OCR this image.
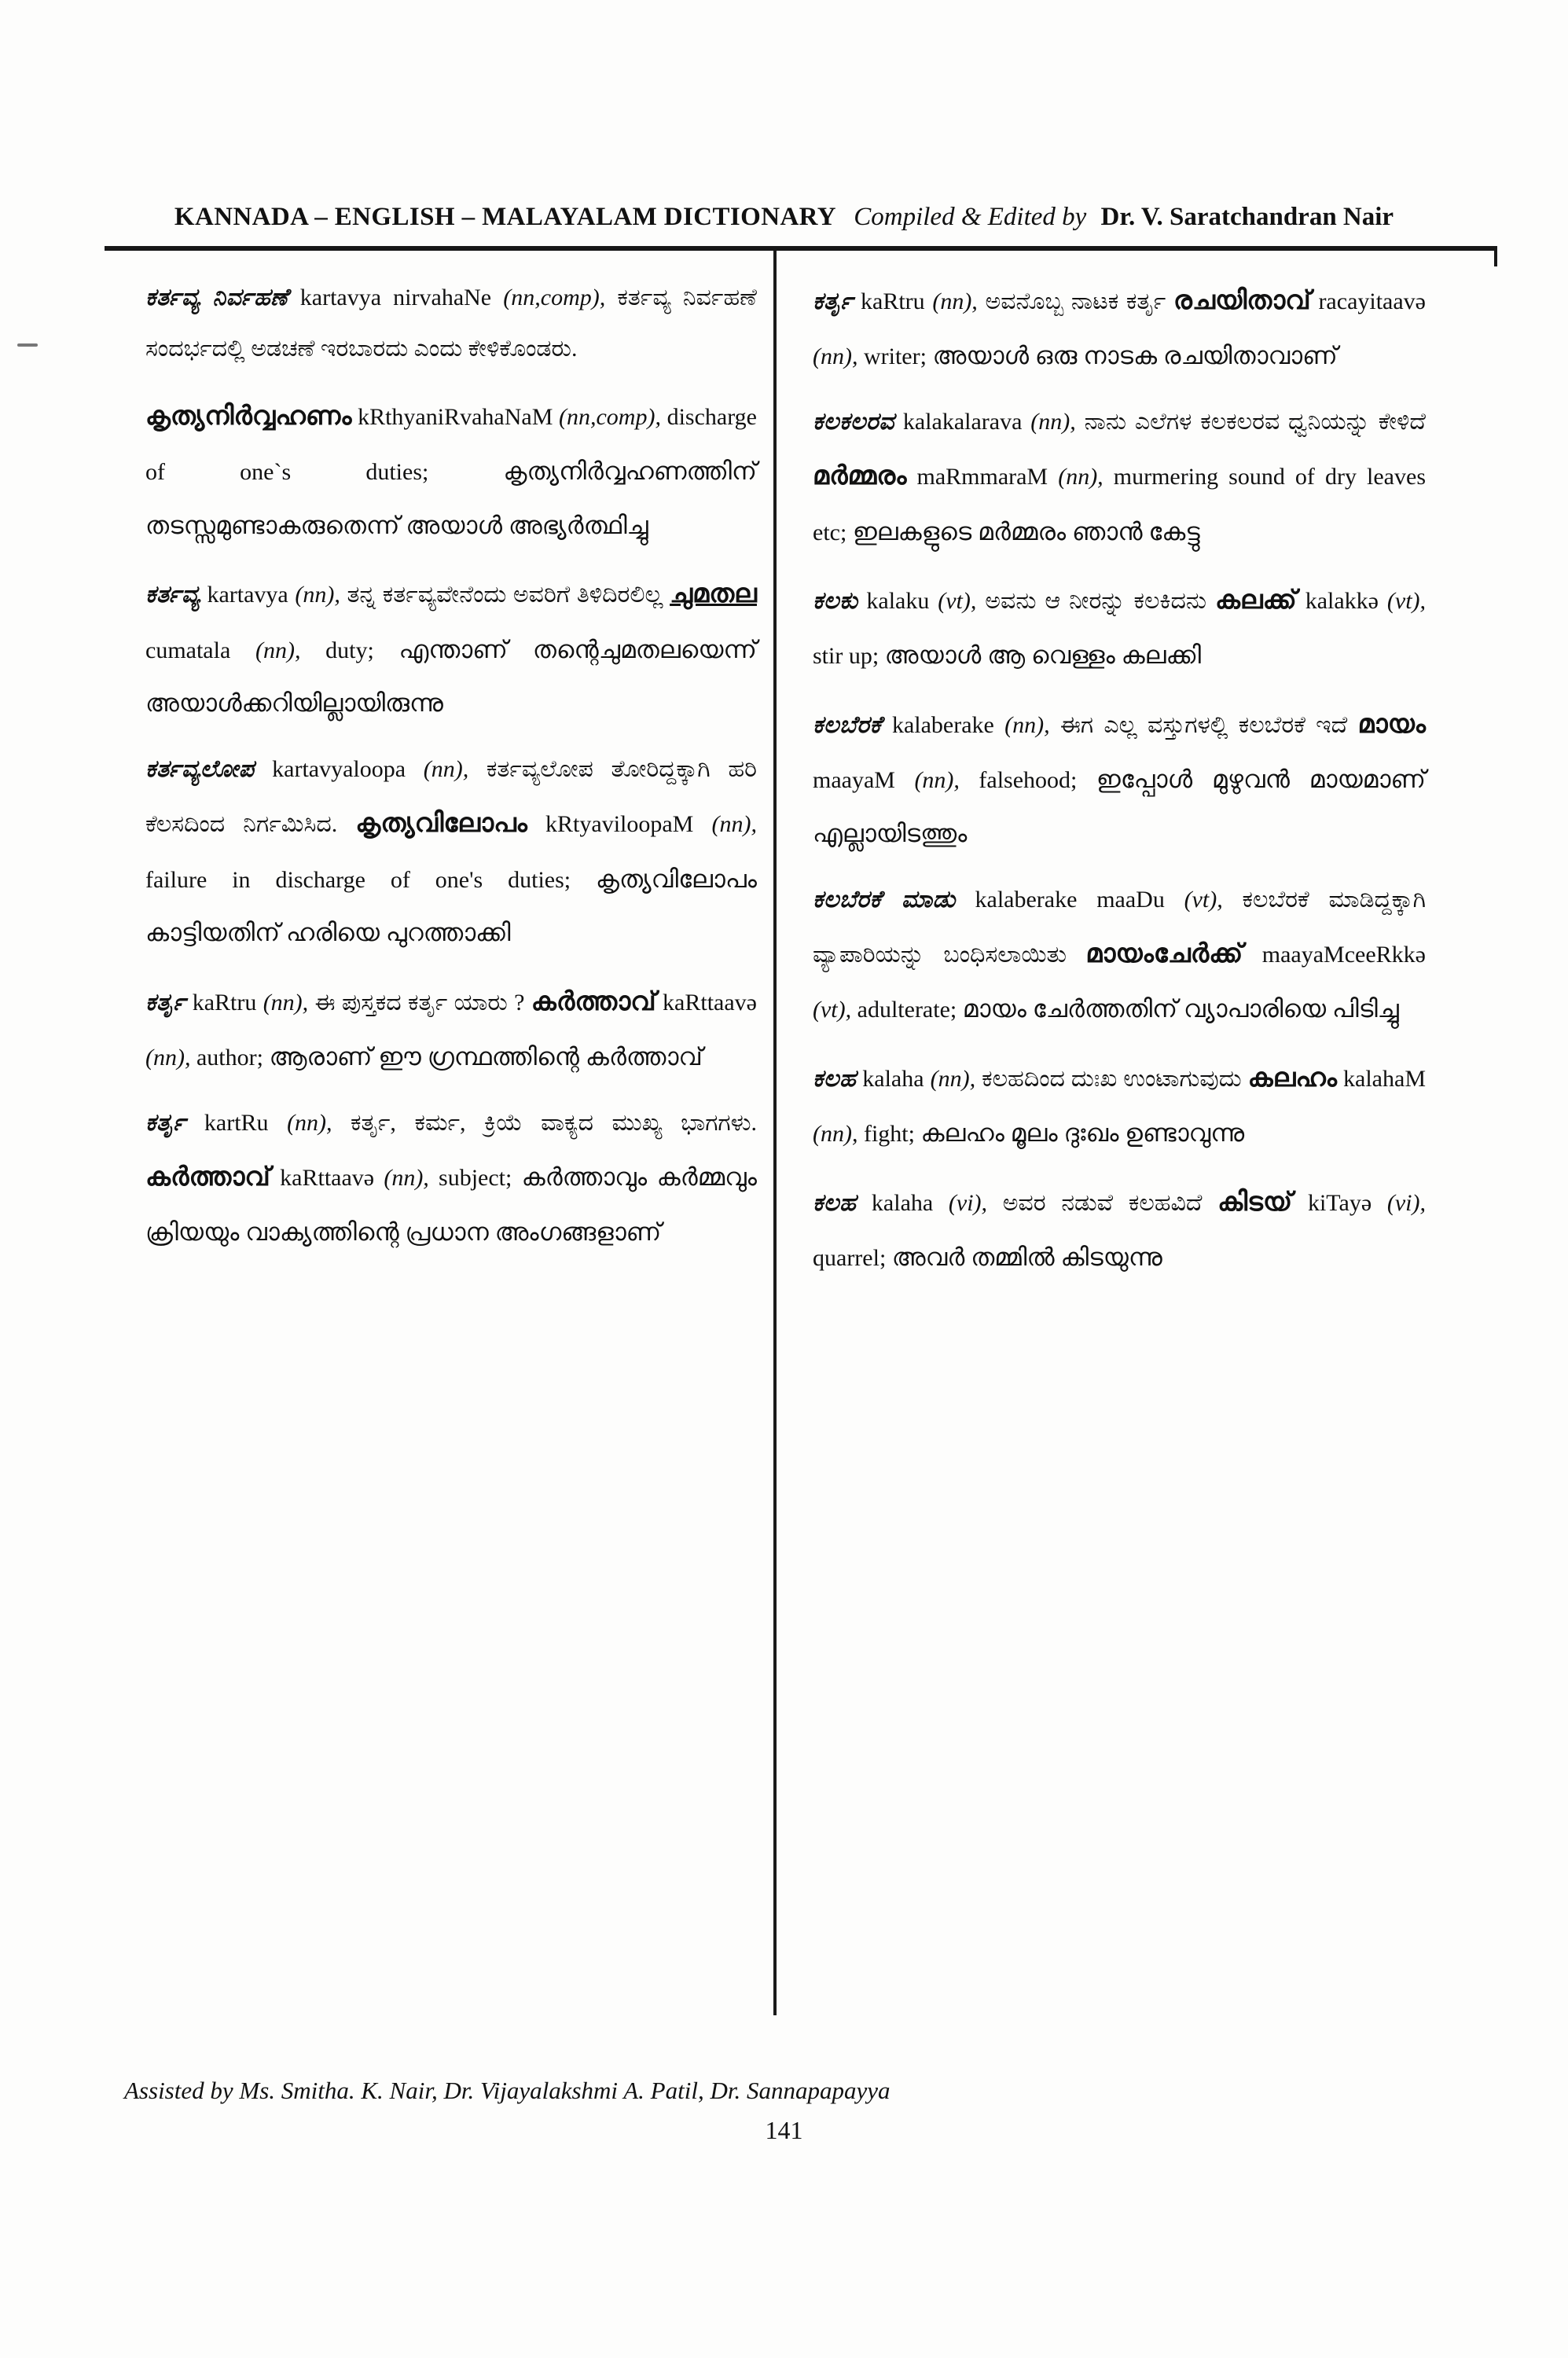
KANNADA – ENGLISH – MALAYALAM DICTIONARY Compiled & Edited by Dr. V. Saratchandran Nair

ಕರ್ತವ್ಯ ನಿರ್ವಹಣೆ kartavya nirvahaNe (nn,comp), ಕರ್ತವ್ಯ ನಿರ್ವಹಣೆ ಸಂದರ್ಭದಲ್ಲಿ ಅಡಚಣೆ ಇರಬಾರದು ಎಂದು ಕೇಳಿಕೊಂಡರು.

കൃത്യനിർവ്വഹണം kRthyaniRvahaNaM (nn,comp), discharge of one`s duties; കൃത്യനിർവ്വഹണത്തിന് തടസ്സമുണ്ടാകരുതെന്ന് അയാൾ അഭ്യർത്ഥിച്ചു

ಕರ್ತವ್ಯ kartavya (nn), ತನ್ನ ಕರ್ತವ್ಯವೇನೆಂದು ಅವರಿಗೆ ತಿಳಿದಿರಲಿಲ್ಲ ചുമതല cumatala (nn), duty; എന്താണ് തന്റെചുമതലയെന്ന് അയാൾക്കറിയില്ലായിരുന്നു

ಕರ್ತವ್ಯಲೋಪ kartavyaloopa (nn), ಕರ್ತವ್ಯಲೋಪ ತೋರಿದ್ದಕ್ಕಾಗಿ ಹರಿ ಕೆಲಸದಿಂದ ನಿರ್ಗಮಿಸಿದ. കൃത്യവിലോപം kRtyaviloopaM (nn), failure in discharge of one's duties; കൃത്യവിലോപം കാട്ടിയതിന് ഹരിയെ പുറത്താക്കി

ಕರ್ತೃ kaRtru (nn), ಈ ಪುಸ್ತಕದ ಕರ್ತೃ ಯಾರು ? കർത്താവ് kaRttaavə (nn), author; ആരാണ് ഈ ഗ്രന്ഥത്തിന്റെ കർത്താവ്

ಕರ್ತೃ kartRu (nn), ಕರ್ತೃ, ಕರ್ಮ, ಕ್ರಿಯೆ ವಾಕ್ಯದ ಮುಖ್ಯ ಭಾಗಗಳು. കർത്താവ് kaRttaavə (nn), subject; കർത്താവും കർമ്മവും ക്രിയയും വാക്യത്തിന്റെ പ്രധാന അംഗങ്ങളാണ്

ಕರ್ತೃ kaRtru (nn), ಅವನೊಬ್ಬ ನಾಟಕ ಕರ್ತೃ രചയിതാവ് racayitaavə (nn), writer; അയാൾ ഒരു നാടക രചയിതാവാണ്

ಕಲಕಲರವ kalakalarava (nn), ನಾನು ಎಲೆಗಳ ಕಲಕಲರವ ಧ್ವನಿಯನ್ನು ಕೇಳಿದೆ മർമ്മരം maRmmaraM (nn), murmering sound of dry leaves etc; ഇലകളുടെ മർമ്മരം ഞാൻ കേട്ടു

ಕಲಕು kalaku (vt), ಅವನು ಆ ನೀರನ್ನು ಕಲಕಿದನು കലക്ക് kalakkə (vt), stir up; അയാൾ ആ വെള്ളം കലക്കി

ಕಲಬೆರಕೆ kalaberake (nn), ಈಗ ಎಲ್ಲ ವಸ್ತುಗಳಲ್ಲಿ ಕಲಬೆರಕೆ ಇದೆ മായം maayaM (nn), falsehood; ഇപ്പോൾ മുഴുവൻ മായമാണ് എല്ലായിടത്തും

ಕಲಬೆರಕೆ ಮಾಡು kalaberake maaDu (vt), ಕಲಬೆರಕೆ ಮಾಡಿದ್ದಕ್ಕಾಗಿ ವ್ಯಾಪಾರಿಯನ್ನು ಬಂಧಿಸಲಾಯಿತು മായംചേർക്ക് maayaMceeRkkə (vt), adulterate; മായം ചേർത്തതിന് വ്യാപാരിയെ പിടിച്ചു

ಕಲಹ kalaha (nn), ಕಲಹದಿಂದ ದುಃಖ ಉಂಟಾಗುವುದು കലഹം kalahaM (nn), fight; കലഹം മൂലം ദുഃഖം ഉണ്ടാവുന്നു

ಕಲಹ kalaha (vi), ಅವರ ನಡುವೆ ಕಲಹವಿದೆ കിടയ് kiTayə (vi), quarrel; അവർ തമ്മിൽ കിടയുന്നു

Assisted by Ms. Smitha. K. Nair, Dr. Vijayalakshmi A. Patil, Dr. Sannapapayya
141
